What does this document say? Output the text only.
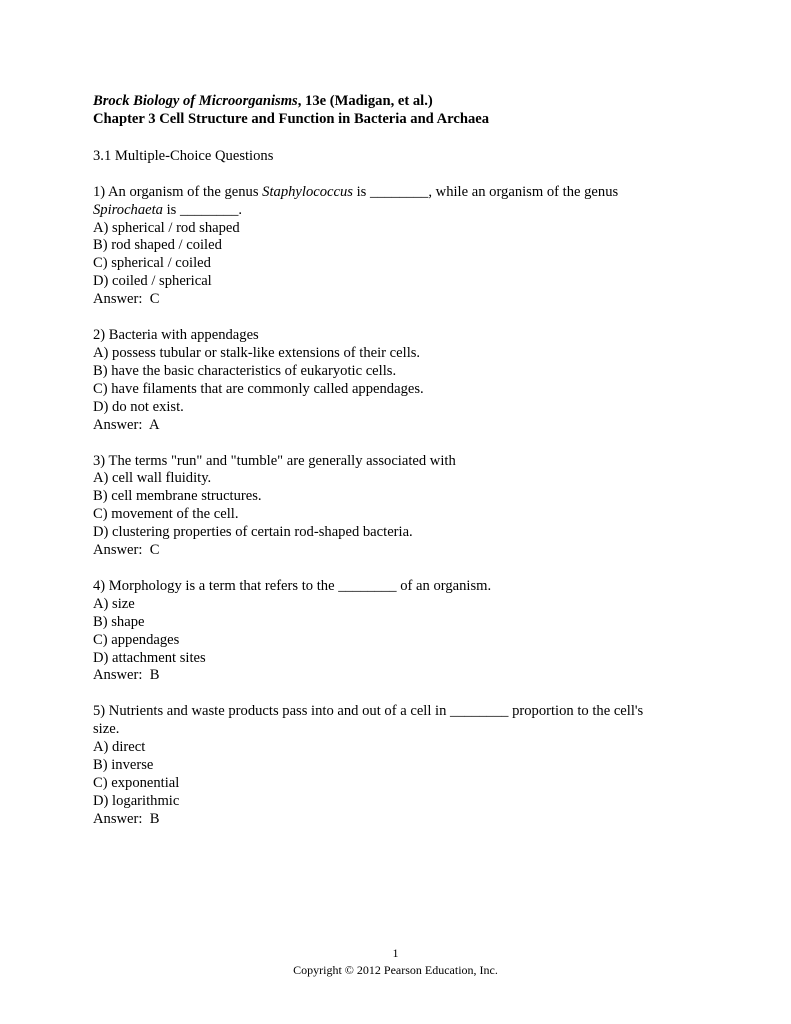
Brock Biology of Microorganisms, 13e (Madigan, et al.)
Chapter 3 Cell Structure and Function in Bacteria and Archaea
3.1 Multiple-Choice Questions
1) An organism of the genus Staphylococcus is ________, while an organism of the genus
Spirochaeta is ________.
A) spherical / rod shaped
B) rod shaped / coiled
C) spherical / coiled
D) coiled / spherical
Answer:  C
2) Bacteria with appendages
A) possess tubular or stalk-like extensions of their cells.
B) have the basic characteristics of eukaryotic cells.
C) have filaments that are commonly called appendages.
D) do not exist.
Answer:  A
3) The terms "run" and "tumble" are generally associated with
A) cell wall fluidity.
B) cell membrane structures.
C) movement of the cell.
D) clustering properties of certain rod-shaped bacteria.
Answer:  C
4) Morphology is a term that refers to the ________ of an organism.
A) size
B) shape
C) appendages
D) attachment sites
Answer:  B
5) Nutrients and waste products pass into and out of a cell in ________ proportion to the cell's
size.
A) direct
B) inverse
C) exponential
D) logarithmic
Answer:  B
1
Copyright © 2012 Pearson Education, Inc.
